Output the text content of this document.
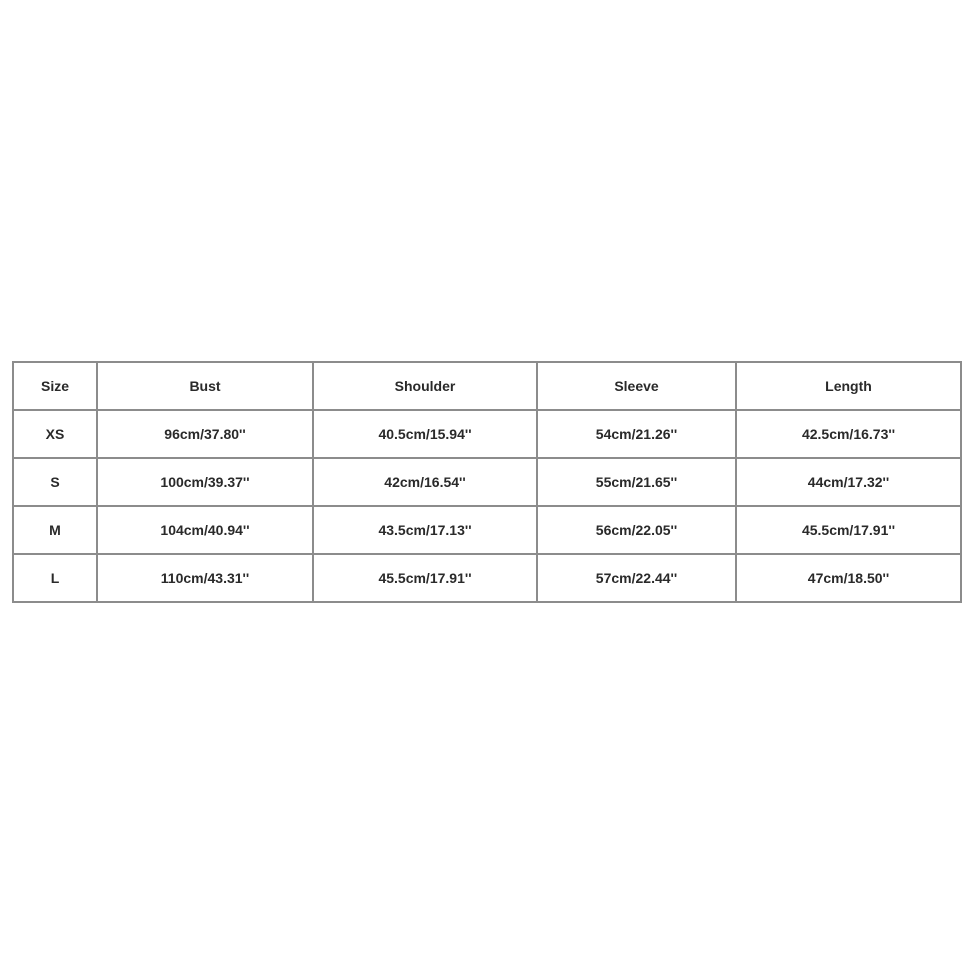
Size	Bust	Shoulder	Sleeve	Length
XS	96cm/37.80''	40.5cm/15.94''	54cm/21.26''	42.5cm/16.73''
S	100cm/39.37''	42cm/16.54''	55cm/21.65''	44cm/17.32''
M	104cm/40.94''	43.5cm/17.13''	56cm/22.05''	45.5cm/17.91''
L	110cm/43.31''	45.5cm/17.91''	57cm/22.44''	47cm/18.50''
